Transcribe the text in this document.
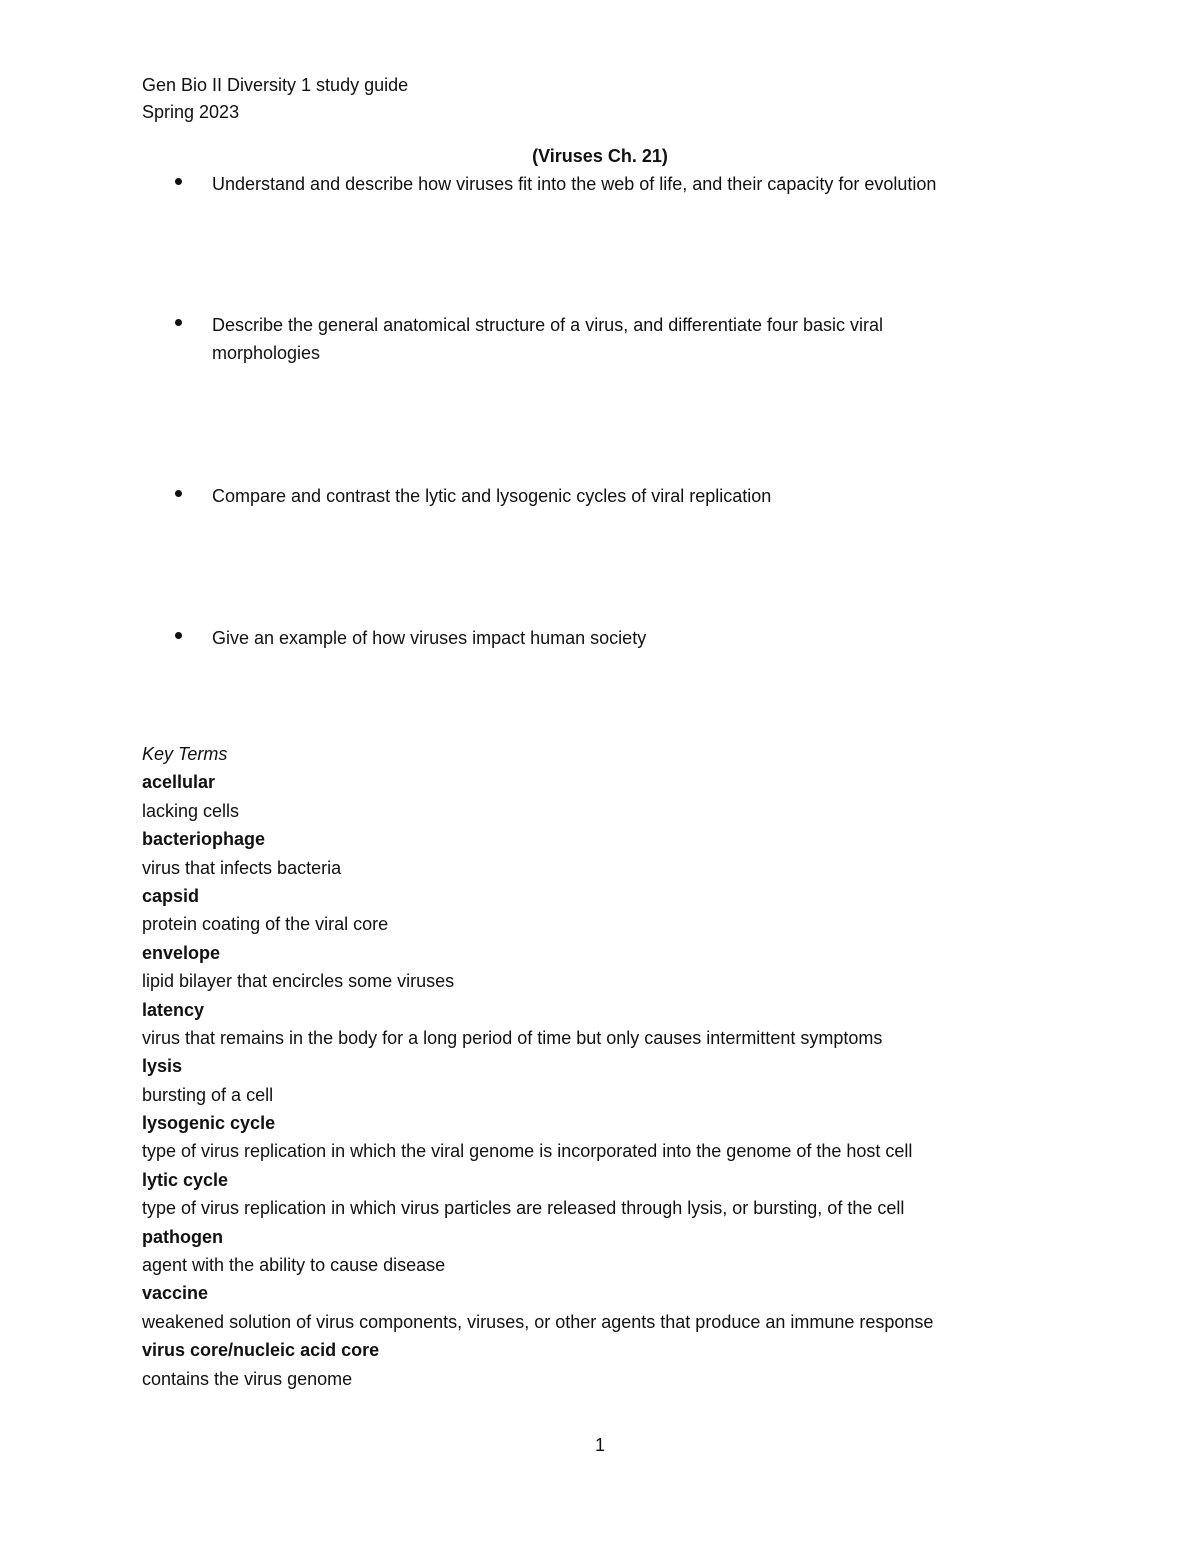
Gen Bio II Diversity 1 study guide
Spring 2023
(Viruses Ch. 21)
Understand and describe how viruses fit into the web of life, and their capacity for evolution
Describe the general anatomical structure of a virus, and differentiate four basic viral morphologies
Compare and contrast the lytic and lysogenic cycles of viral replication
Give an example of how viruses impact human society
Key Terms
acellular
lacking cells
bacteriophage
virus that infects bacteria
capsid
protein coating of the viral core
envelope
lipid bilayer that encircles some viruses
latency
virus that remains in the body for a long period of time but only causes intermittent symptoms
lysis
bursting of a cell
lysogenic cycle
type of virus replication in which the viral genome is incorporated into the genome of the host cell
lytic cycle
type of virus replication in which virus particles are released through lysis, or bursting, of the cell
pathogen
agent with the ability to cause disease
vaccine
weakened solution of virus components, viruses, or other agents that produce an immune response
virus core/nucleic acid core
contains the virus genome
1
